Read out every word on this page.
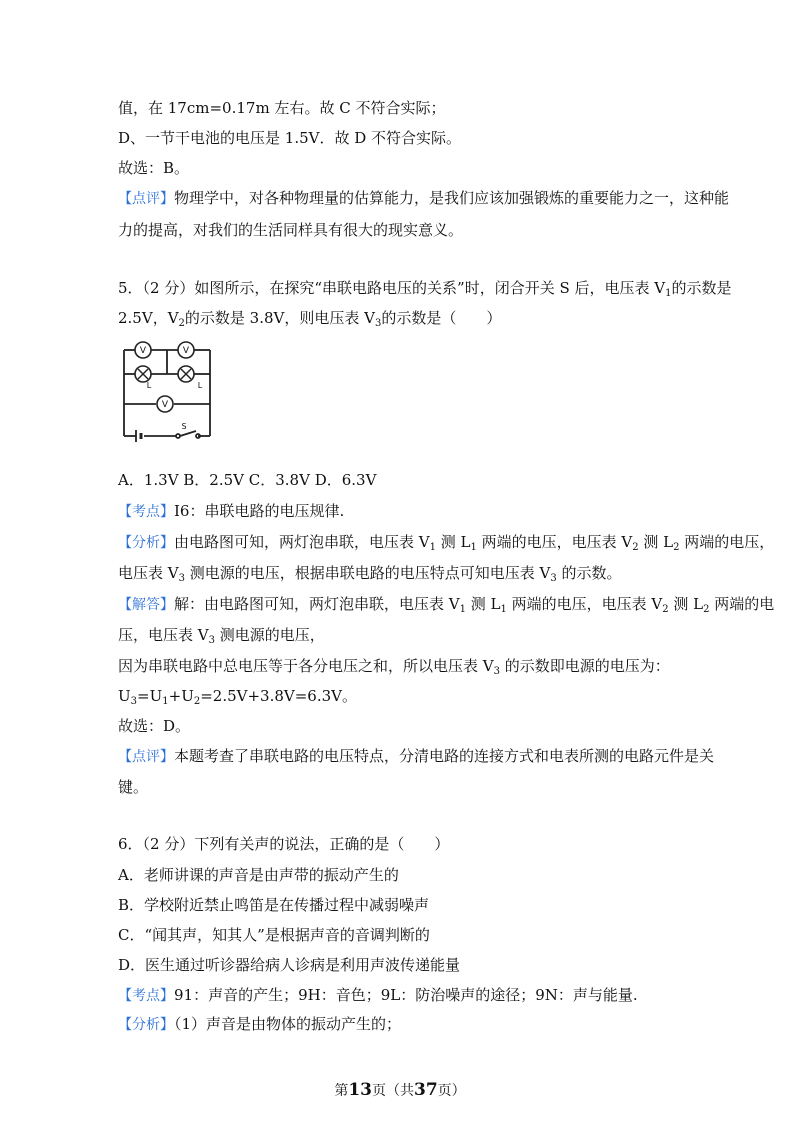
值，在 17cm=0.17m 左右。故 C 不符合实际；
D、一节干电池的电压是 1.5V．故 D 不符合实际。
故选：B。
【点评】物理学中，对各种物理量的估算能力，是我们应该加强锻炼的重要能力之一，这种能
力的提高，对我们的生活同样具有很大的现实意义。
5．（2 分）如图所示，在探究“串联电路电压的关系”时，闭合开关 S 后，电压表 $V_1$的示数是
2.5V，$V_2$的示数是 3.8V，则电压表 $V_3$的示数是（　　）
V	V
V
L	L
S
A．1.3V B．2.5V C．3.8V D．6.3V
【考点】I6：串联电路的电压规律.
【分析】由电路图可知，两灯泡串联，电压表 $V_1$ 测 $L_1$ 两端的电压，电压表 $V_2$ 测 $L_2$ 两端的电压，
电压表 $V_3$ 测电源的电压，根据串联电路的电压特点可知电压表 $V_3$ 的示数。
【解答】解：由电路图可知，两灯泡串联，电压表 $V_1$ 测 $L_1$ 两端的电压，电压表 $V_2$ 测 $L_2$ 两端的电
压，电压表 $V_3$ 测电源的电压，
因为串联电路中总电压等于各分电压之和，所以电压表 $V_3$ 的示数即电源的电压为：
$U_3=U_1+U_2=2.5V+3.8V=6.3V$。
故选：D。
【点评】本题考查了串联电路的电压特点，分清电路的连接方式和电表所测的电路元件是关
键。
6．（2 分）下列有关声的说法，正确的是（　　）
A．老师讲课的声音是由声带的振动产生的
B．学校附近禁止鸣笛是在传播过程中减弱噪声
C．“闻其声，知其人”是根据声音的音调判断的
D．医生通过听诊器给病人诊病是利用声波传递能量
【考点】91：声音的产生；9H：音色；9L：防治噪声的途径；9N：声与能量.
【分析】（1）声音是由物体的振动产生的；
第13页（共37页）
